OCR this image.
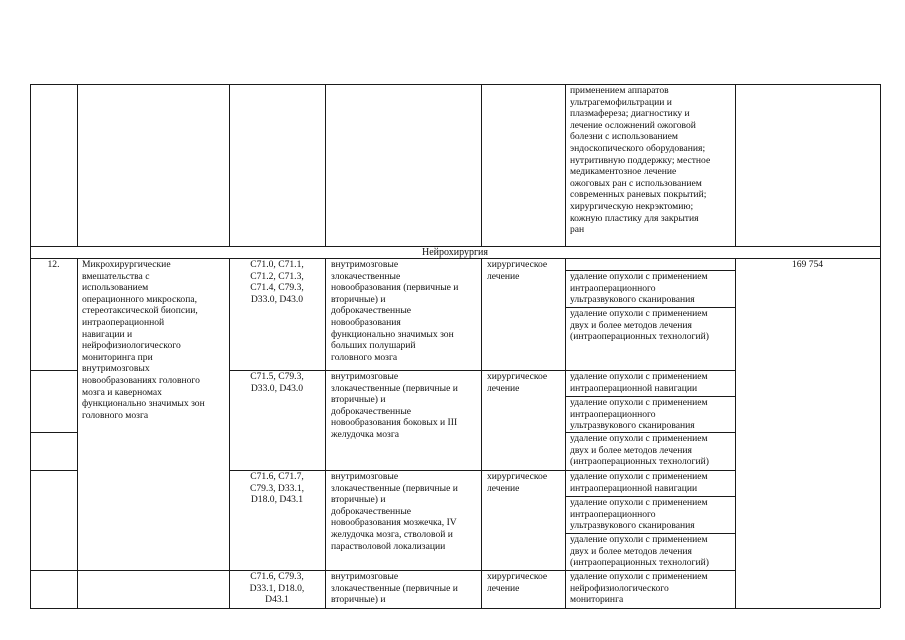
применением аппаратов
ультрагемофильтрации и
плазмафереза; диагностику и
лечение осложнений ожоговой
болезни с использованием
эндоскопического оборудования;
нутритивную поддержку; местное
медикаментозное лечение
ожоговых ран с использованием
современных раневых покрытий;
хирургическую некрэктомию;
кожную пластику для закрытия
ран
Нейрохирургия
12.	Микрохирургические
вмешательства с
использованием
операционного микроскопа,
стереотаксической биопсии,
интраоперационной
навигации и
нейрофизиологического
мониторинга при
внутримозговых
новообразованиях головного
мозга и каверномах
функционально значимых зон
головного мозга
169 754
C71.0, C71.1,
C71.2, C71.3,
C71.4, C79.3,
D33.0, D43.0
внутримозговые
злокачественные
новообразования (первичные и
вторичные) и
доброкачественные
новообразования
функционально значимых зон
больших полушарий
головного мозга
хирургическое
лечение	удаление опухоли с применением
интраоперационного
ультразвукового сканирования
удаление опухоли с применением
двух и более методов лечения
(интраоперационных технологий)
C71.5, C79.3,
D33.0, D43.0
внутримозговые
злокачественные (первичные и
вторичные) и
доброкачественные
новообразования боковых и III
желудочка мозга
хирургическое
лечение
удаление опухоли с применением
интраоперационной навигации
удаление опухоли с применением
интраоперационного
ультразвукового сканирования
удаление опухоли с применением
двух и более методов лечения
(интраоперационных технологий)
C71.6, C71.7,
C79.3, D33.1,
D18.0, D43.1
внутримозговые
злокачественные (первичные и
вторичные) и
доброкачественные
новообразования мозжечка, IV
желудочка мозга, стволовой и
парастволовой локализации
хирургическое
лечение
удаление опухоли с применением
интраоперационной навигации
удаление опухоли с применением
интраоперационного
ультразвукового сканирования
удаление опухоли с применением
двух и более методов лечения
(интраоперационных технологий)
C71.6, C79.3,
D33.1, D18.0,
D43.1
внутримозговые
злокачественные (первичные и
вторичные) и
хирургическое
лечение
удаление опухоли с применением
нейрофизиологического
мониторинга
